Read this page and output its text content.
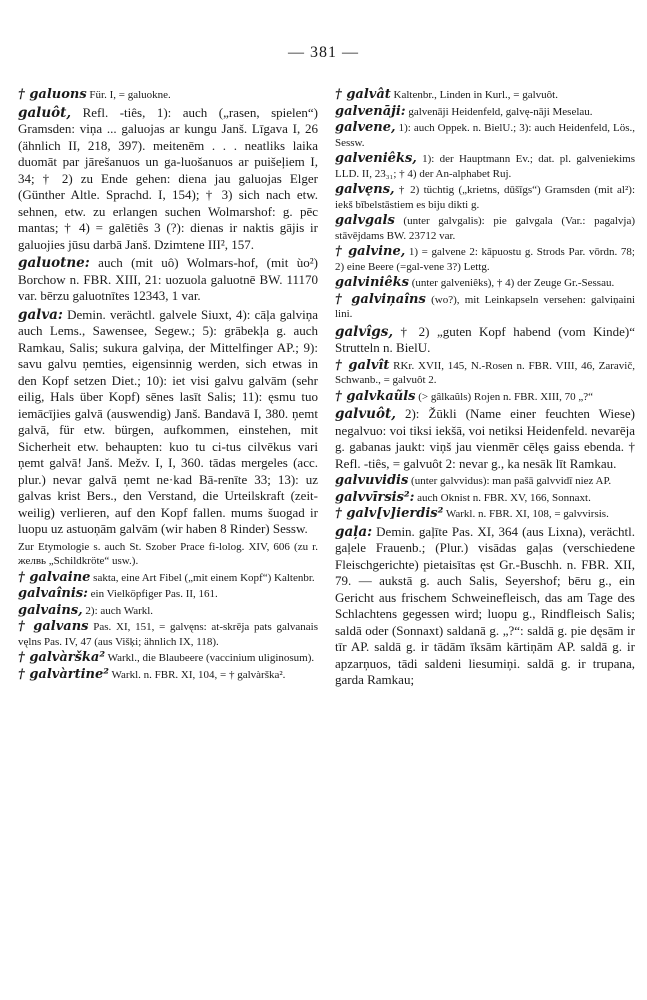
— 381 —

† galuons Für. I, = galuokne.

galuôt, Refl. -tiês, 1): auch („rasen, spielen“) Gramsden: viņa ... galuojas ar kungu Janš. Līgava I, 26 (ähnlich II, 218, 397). meitenēm . . . neatliks laika duomāt par jārešanuos un ga-luošanuos ar puišeļiem I, 34; † 2) zu Ende gehen: diena jau galuojas Elger (Günther Altle. Sprachd. I, 154); † 3) sich nach etw. sehnen, etw. zu erlangen suchen Wolmarshof: g. pēc mantas; † 4) = galētiês 3 (?): dienas ir naktis gājis ir galuojies jūsu darbā Janš. Dzimtene III², 157.

galuotne: auch (mit uô) Wolmars-hof, (mit ùo²) Borchow n. FBR. XIII, 21: uozuola galuotnē BW. 11170 var. bērzu galuotnītes 12343, 1 var.

galva: Demin. verächtl. galvele Siuxt, 4): cāļa galviņa auch Lems., Sawensee, Segew.; 5): grābekļa g. auch Ramkau, Salis; sukura galviņa, der Mittelfinger AP.; 9): savu galvu ņemties, eigensinnig werden, sich etwas in den Kopf setzen Diet.; 10): iet visi galvu galvām (sehr eilig, Hals über Kopf) sēnes lasīt Salis; 11): ęsmu tuo iemācījies galvā (auswendig) Janš. Bandavā I, 380. ņemt galvā, für etw. bürgen, aufkommen, einstehen, mit Sicherheit etw. behaupten: kuo tu ci-tus cilvēkus vari ņemt galvā! Janš. Mežv. I, I, 360. tādas mergeles (acc. plur.) nevar galvā ņemt ne·kad Bā-renīte 33; 13): uz galvas krist Bers., den Verstand, die Urteilskraft (zeit-weilig) verlieren, auf den Kopf fallen. mums šuogad ir luopu uz astuoņām galvām (wir haben 8 Rinder) Sessw.

Zur Etymologie s. auch St. Szober Prace fi-lolog. XIV, 606 (zu r. желвь „Schildkröte“ usw.).

† galvaine sakta, eine Art Fibel („mit einem Kopf“) Kaltenbr.

galvaînis: ein Vielköpfiger Pas. II, 161.

galvains, 2): auch Warkl.

† galvans Pas. XI, 151, = galvęns: at-skrēja pats galvanais vęlns Pas. IV, 47 (aus Višķi; ähnlich IX, 118).

† galvàrška² Warkl., die Blaubeere (vaccinium uliginosum).

† galvàrtine² Warkl. n. FBR. XI, 104, = † galvàrška².

† galvât Kaltenbr., Linden in Kurl., = galvuôt.

galvenāji: galvenāji Heidenfeld, galvę-nāji Meselau.

galvene, 1): auch Oppek. n. BielU.; 3): auch Heidenfeld, Lös., Sessw.

galveniêks, 1): der Hauptmann Ev.; dat. pl. galveniekims LLD. II, 23₃₁; † 4) der An-alphabet Ruj.

galvęns, † 2) tüchtig („krietns, dūšīgs“) Gramsden (mit al²): iekš bībelstāstiem es biju dikti g.

galvgals (unter galvgalis): pie galvgala (Var.: pagalvja) stāvējdams BW. 23712 var.

† galvine, 1) = galvene 2: kāpuostu g. Strods Par. vōrdn. 78; 2) eine Beere (=gal-vene 3?) Lettg.

galviniêks (unter galveniêks), † 4) der Zeuge Gr.-Sessau.

† galviņaîns (wo?), mit Leinkapseln versehen: galviņaini lini.

galvîgs, † 2) „guten Kopf habend (vom Kinde)“ Strutteln n. BielU.

† galvît RKr. XVII, 145, N.-Rosen n. FBR. VIII, 46, Zaravič, Schwanb., = galvuôt 2.

† galvkaũls (> gâlkaũls) Rojen n. FBR. XIII, 70 „?“

galvuôt, 2): Žūkli (Name einer feuchten Wiese) negalvuo: voi tiksi iekšā, voi netiksi Heidenfeld. nevarēja g. gabanas jaukt: viņš jau vienmēr cēlęs gaiss ebenda. † Refl. -tiês, = galvuôt 2: nevar g., ka nesāk līt Ramkau.

galvuvidis (unter galvvidus): man pašā galvvidī niez AP.

galvvīrsis²: auch Oknist n. FBR. XV, 166, Sonnaxt.

† galv[v]ierdis² Warkl. n. FBR. XI, 108, = galvvirsis.

gaļa: Demin. gaļīte Pas. XI, 364 (aus Lixna), verächtl. gaļele Frauenb.; (Plur.) visādas gaļas (verschiedene Fleischgerichte) pietaisītas ęst Gr.-Buschh. n. FBR. XII, 79. — aukstā g. auch Salis, Seyershof; bēru g., ein Gericht aus frischem Schweinefleisch, das am Tage des Schlachtens gegessen wird; luopu g., Rindfleisch Salis; saldā oder (Sonnaxt) saldanā g. „?“: saldā g. pie dęsām ir tīr AP. saldā g. ir tādām īksām kārtiņām AP. saldā g. ir apzarņuos, tādi saldeni liesumiņi. saldā g. ir trupana, garda Ramkau;
